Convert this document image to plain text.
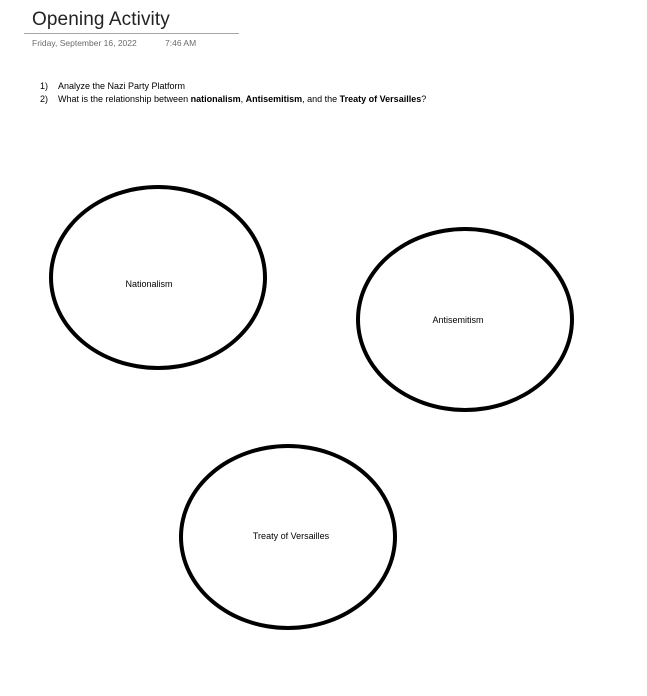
Opening Activity
Friday, September 16, 2022	7:46 AM
1)	Analyze the Nazi Party Platform
2)	What is the relationship between nationalism, Antisemitism, and the Treaty of Versailles?
Nationalism
Antisemitism
Treaty of Versailles
